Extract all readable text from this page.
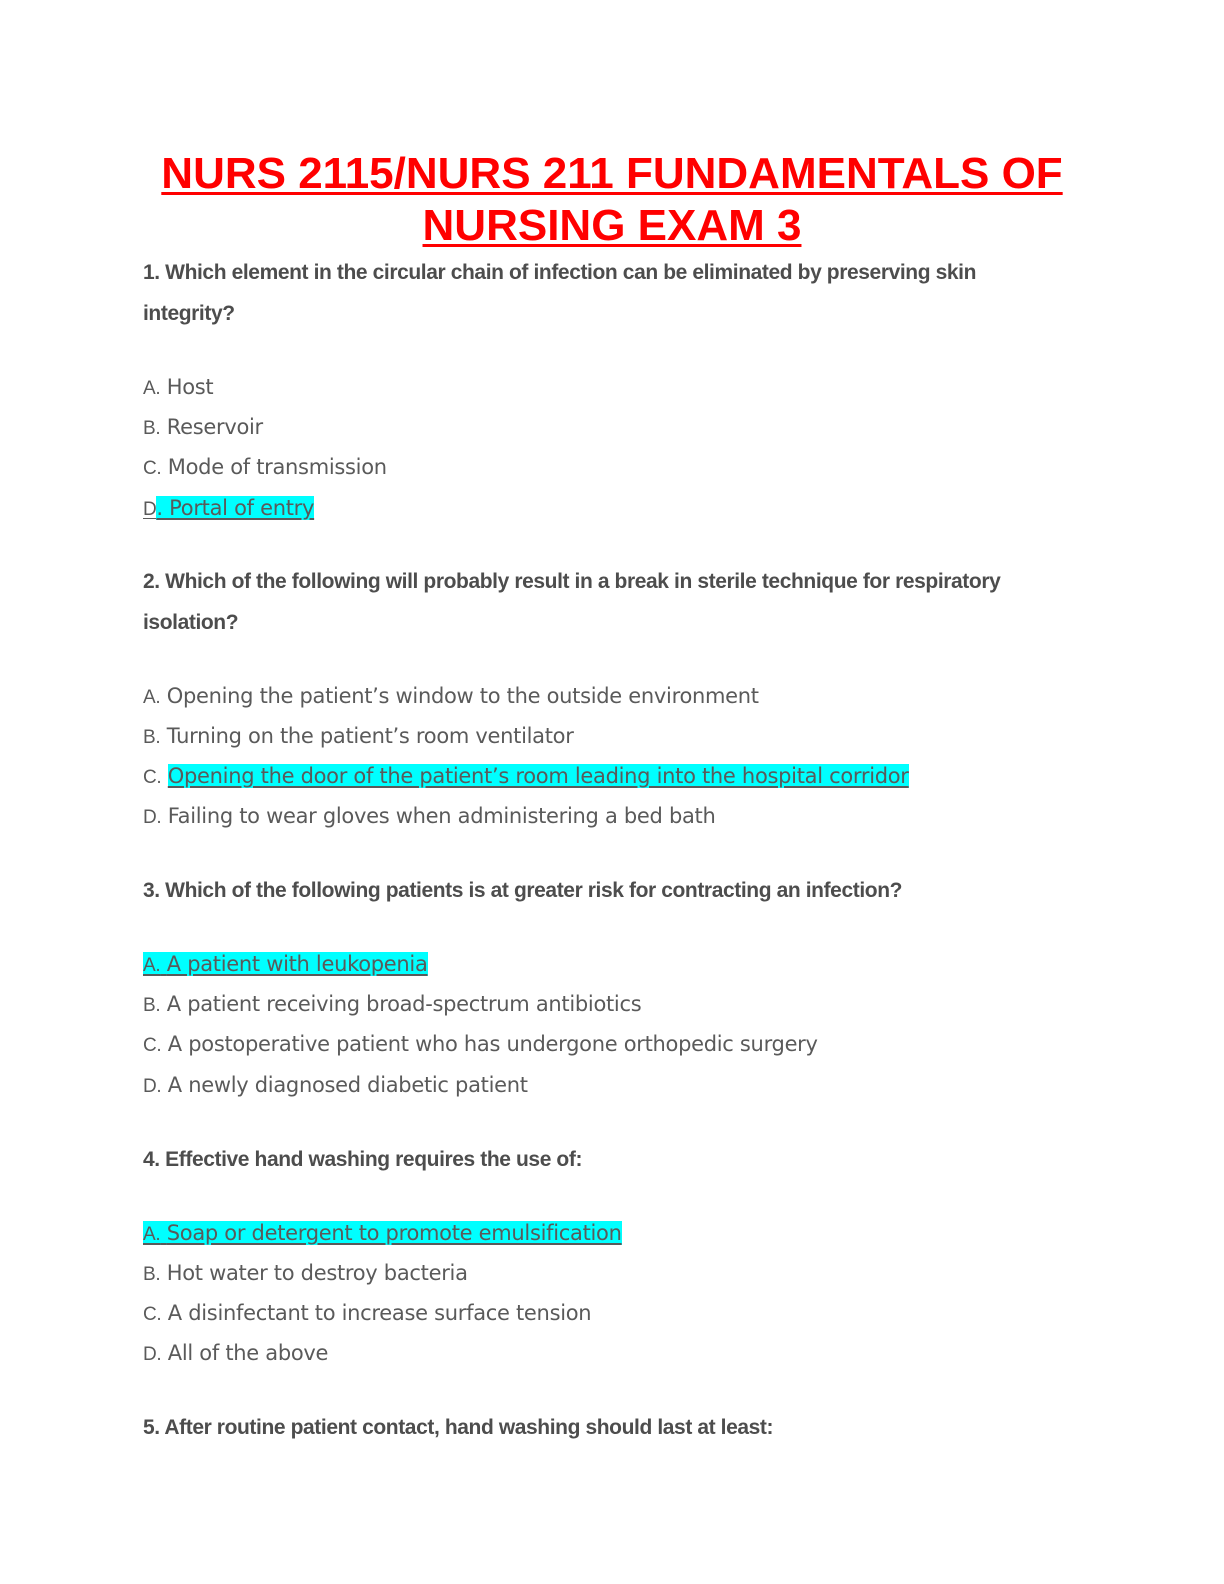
NURS 2115/NURS 211 FUNDAMENTALS OF
NURSING EXAM 3
1. Which element in the circular chain of infection can be eliminated by preserving skin
integrity?
A. Host
B. Reservoir
C. Mode of transmission
D. Portal of entry
2. Which of the following will probably result in a break in sterile technique for respiratory
isolation?
A. Opening the patient’s window to the outside environment
B. Turning on the patient’s room ventilator
C. Opening the door of the patient’s room leading into the hospital corridor
D. Failing to wear gloves when administering a bed bath
3. Which of the following patients is at greater risk for contracting an infection?
A. A patient with leukopenia
B. A patient receiving broad-spectrum antibiotics
C. A postoperative patient who has undergone orthopedic surgery
D. A newly diagnosed diabetic patient
4. Effective hand washing requires the use of:
A. Soap or detergent to promote emulsification
B. Hot water to destroy bacteria
C. A disinfectant to increase surface tension
D. All of the above
5. After routine patient contact, hand washing should last at least:
